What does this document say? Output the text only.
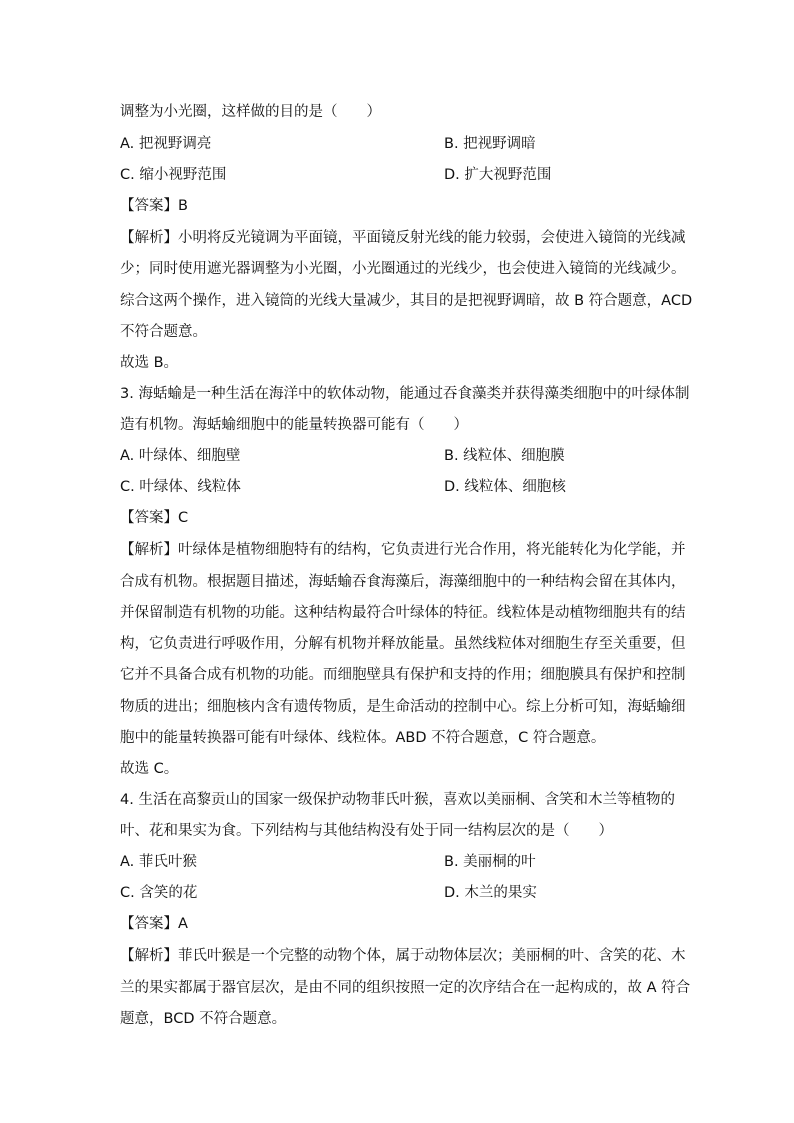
调整为小光圈，这样做的目的是（　　）
A. 把视野调亮	B. 把视野调暗
C. 缩小视野范围	D. 扩大视野范围
【答案】B
【解析】小明将反光镜调为平面镜，平面镜反射光线的能力较弱，会使进入镜筒的光线减
少；同时使用遮光器调整为小光圈，小光圈通过的光线少，也会使进入镜筒的光线减少。
综合这两个操作，进入镜筒的光线大量减少，其目的是把视野调暗，故 B 符合题意，ACD
不符合题意。
故选 B。
3. 海蛞蝓是一种生活在海洋中的软体动物，能通过吞食藻类并获得藻类细胞中的叶绿体制
造有机物。海蛞蝓细胞中的能量转换器可能有（　　）
A. 叶绿体、细胞壁	B. 线粒体、细胞膜
C. 叶绿体、线粒体	D. 线粒体、细胞核
【答案】C
【解析】叶绿体是植物细胞特有的结构，它负责进行光合作用，将光能转化为化学能，并
合成有机物。根据题目描述，海蛞蝓吞食海藻后，海藻细胞中的一种结构会留在其体内，
并保留制造有机物的功能。这种结构最符合叶绿体的特征。线粒体是动植物细胞共有的结
构，它负责进行呼吸作用，分解有机物并释放能量。虽然线粒体对细胞生存至关重要，但
它并不具备合成有机物的功能。而细胞壁具有保护和支持的作用；细胞膜具有保护和控制
物质的进出；细胞核内含有遗传物质，是生命活动的控制中心。综上分析可知，海蛞蝓细
胞中的能量转换器可能有叶绿体、线粒体。ABD 不符合题意，C 符合题意。
故选 C。
4. 生活在高黎贡山的国家一级保护动物菲氏叶猴，喜欢以美丽桐、含笑和木兰等植物的
叶、花和果实为食。下列结构与其他结构没有处于同一结构层次的是（　　）
A. 菲氏叶猴	B. 美丽桐的叶
C. 含笑的花	D. 木兰的果实
【答案】A
【解析】菲氏叶猴是一个完整的动物个体，属于动物体层次；美丽桐的叶、含笑的花、木
兰的果实都属于器官层次，是由不同的组织按照一定的次序结合在一起构成的，故 A 符合
题意，BCD 不符合题意。
